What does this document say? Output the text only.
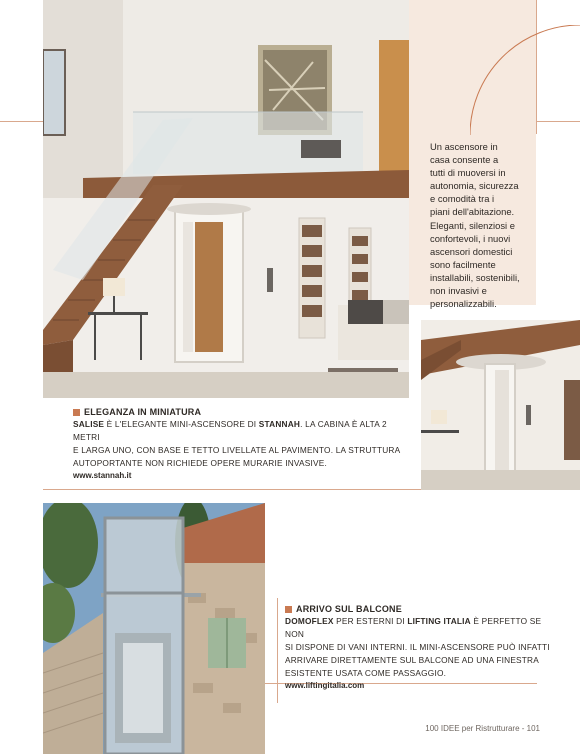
Un ascensore in
casa consente a
tutti di muoversi in
autonomia, sicurezza
e comodità tra i
piani dell'abitazione.
Eleganti, silenziosi e
confortevoli, i nuovi
ascensori domestici
sono facilmente
installabili, sostenibili,
non invasivi e
personalizzabili.
ELEGANZA IN MINIATURA
SALISE È L'ELEGANTE MINI-ASCENSORE DI STANNAH. LA CABINA È ALTA 2 METRI
E LARGA UNO, CON BASE E TETTO LIVELLATE AL PAVIMENTO. LA STRUTTURA
AUTOPORTANTE NON RICHIEDE OPERE MURARIE INVASIVE.
www.stannah.it
ARRIVO SUL BALCONE
DOMOFLEX PER ESTERNI DI LIFTING ITALIA È PERFETTO SE NON
SI DISPONE DI VANI INTERNI. IL MINI-ASCENSORE PUÒ INFATTI
ARRIVARE DIRETTAMENTE SUL BALCONE AD UNA FINESTRA
ESISTENTE USATA COME PASSAGGIO.
www.liftingitalia.com
100 IDEE per Ristrutturare - 101
